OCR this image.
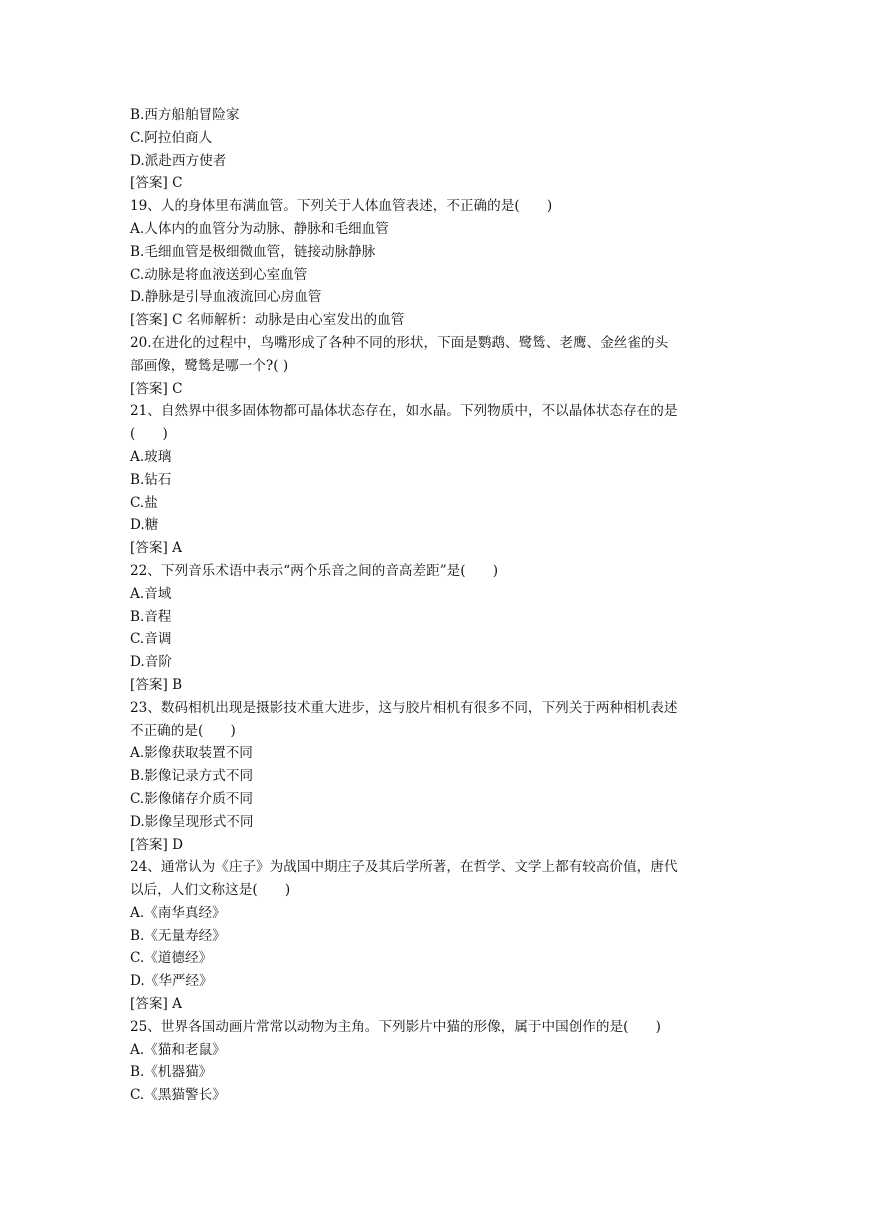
B.西方船舶冒险家
C.阿拉伯商人
D.派赴西方使者
[答案] C
19、人的身体里布满血管。下列关于人体血管表述，不正确的是(　　)
A.人体内的血管分为动脉、静脉和毛细血管
B.毛细血管是极细微血管，链接动脉静脉
C.动脉是将血液送到心室血管
D.静脉是引导血液流回心房血管
[答案] C 名师解析：动脉是由心室发出的血管
20.在进化的过程中，鸟嘴形成了各种不同的形状，下面是鹦鹉、鹭鸶、老鹰、金丝雀的头
部画像，鹭鸶是哪一个?( )
[答案] C
21、自然界中很多固体物都可晶体状态存在，如水晶。下列物质中，不以晶体状态存在的是
(　　)
A.玻璃
B.钻石
C.盐
D.糖
[答案] A
22、下列音乐术语中表示“两个乐音之间的音高差距”是(　　)
A.音域
B.音程
C.音调
D.音阶
[答案] B
23、数码相机出现是摄影技术重大进步，这与胶片相机有很多不同，下列关于两种相机表述
不正确的是(　　)
A.影像获取装置不同
B.影像记录方式不同
C.影像储存介质不同
D.影像呈现形式不同
[答案] D
24、通常认为《庄子》为战国中期庄子及其后学所著，在哲学、文学上都有较高价值，唐代
以后，人们文称这是(　　)
A.《南华真经》
B.《无量寿经》
C.《道德经》
D.《华严经》
[答案] A
25、世界各国动画片常常以动物为主角。下列影片中猫的形像，属于中国创作的是(　　)
A.《猫和老鼠》
B.《机器猫》
C.《黑猫警长》
